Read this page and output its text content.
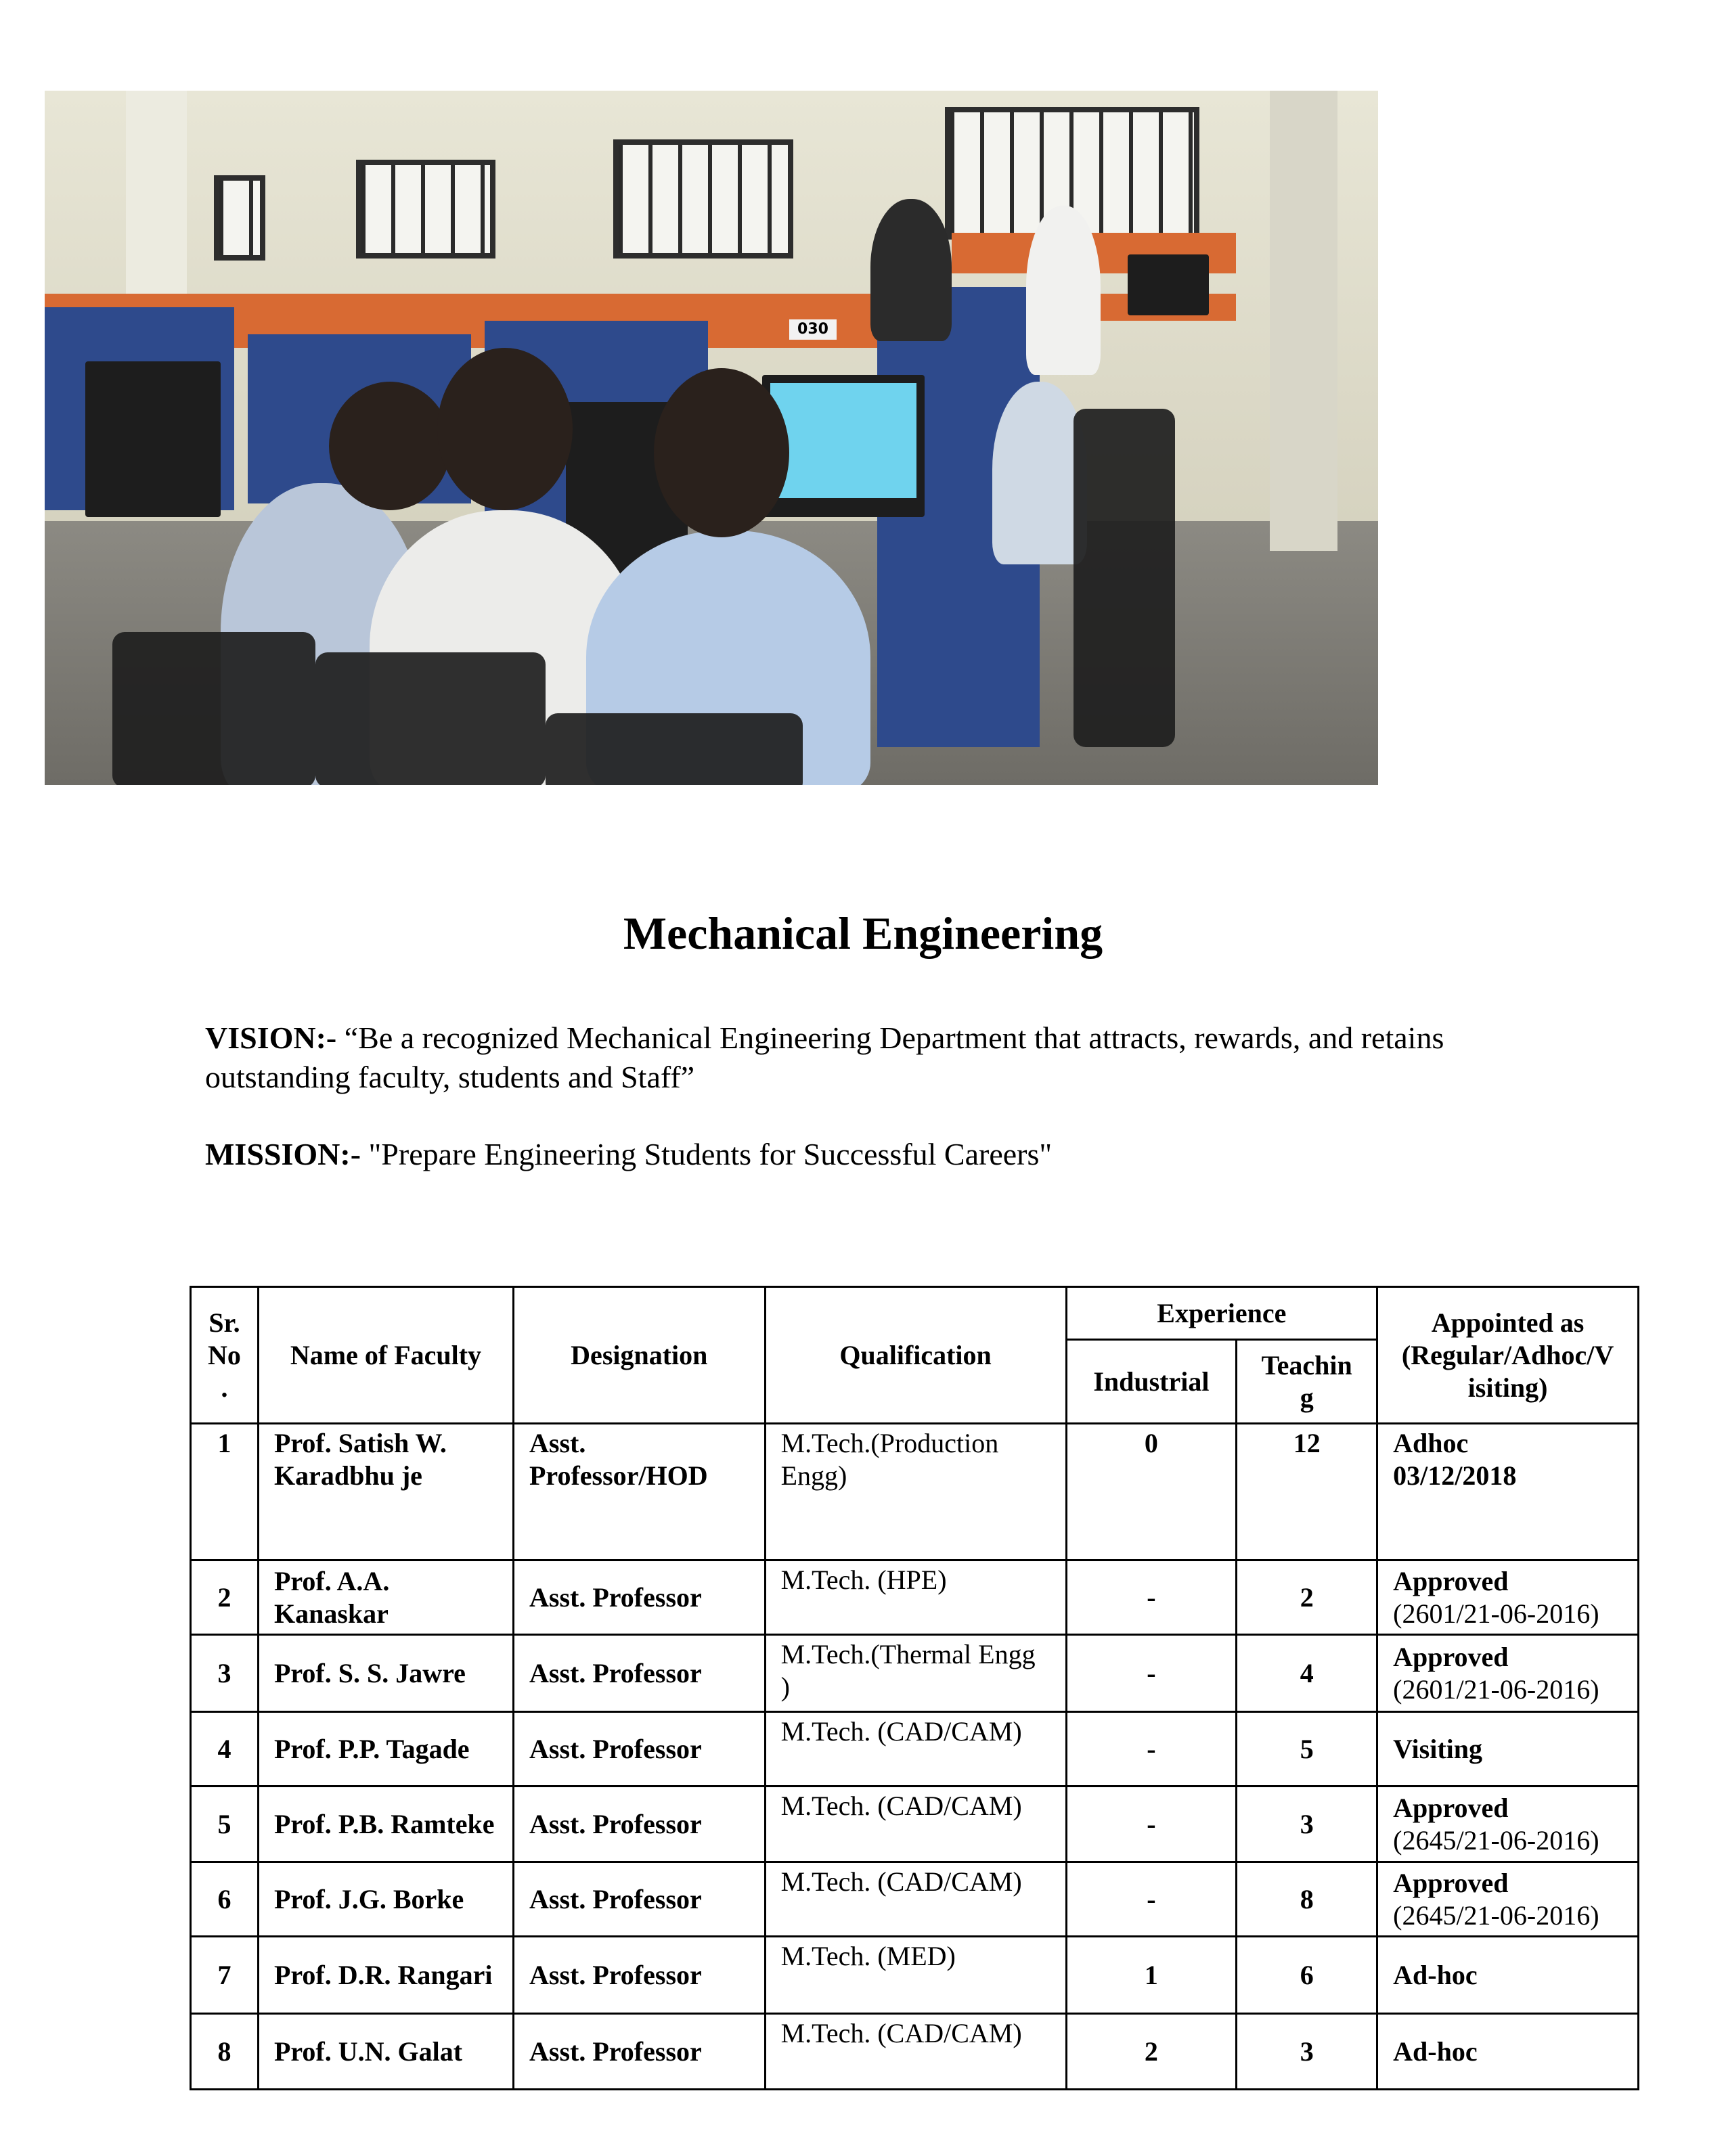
030
Mechanical Engineering

VISION:- “Be a recognized Mechanical Engineering Department that attracts, rewards, and retains outstanding faculty, students and Staff”

MISSION:- "Prepare Engineering Students for Successful Careers"

Sr. No .	Name of Faculty	Designation	Qualification	Experience		Appointed as (Regular/Adhoc/V isiting)
				Industrial	Teachin g	
1	Prof. Satish W. Karadbhu je	Asst. Professor/HOD	M.Tech.(Production Engg)	0	12	Adhoc
03/12/2018

2	Prof. A.A. Kanaskar	Asst. Professor	M.Tech. (HPE)	-	2	Approved
(2601/21-06-2016)

3	Prof. S. S. Jawre	Asst. Professor	M.Tech.(Thermal Engg )	-	4	Approved
(2601/21-06-2016)

4	Prof. P.P. Tagade	Asst. Professor	M.Tech. (CAD/CAM)	-	5	Visiting

5	Prof. P.B. Ramteke	Asst. Professor	M.Tech. (CAD/CAM)	-	3	Approved
(2645/21-06-2016)

6	Prof. J.G. Borke	Asst. Professor	M.Tech. (CAD/CAM)	-	8	Approved
(2645/21-06-2016)

7	Prof. D.R. Rangari	Asst. Professor	M.Tech. (MED)	1	6	Ad-hoc

8	Prof. U.N. Galat	Asst. Professor	M.Tech. (CAD/CAM)	2	3	Ad-hoc
